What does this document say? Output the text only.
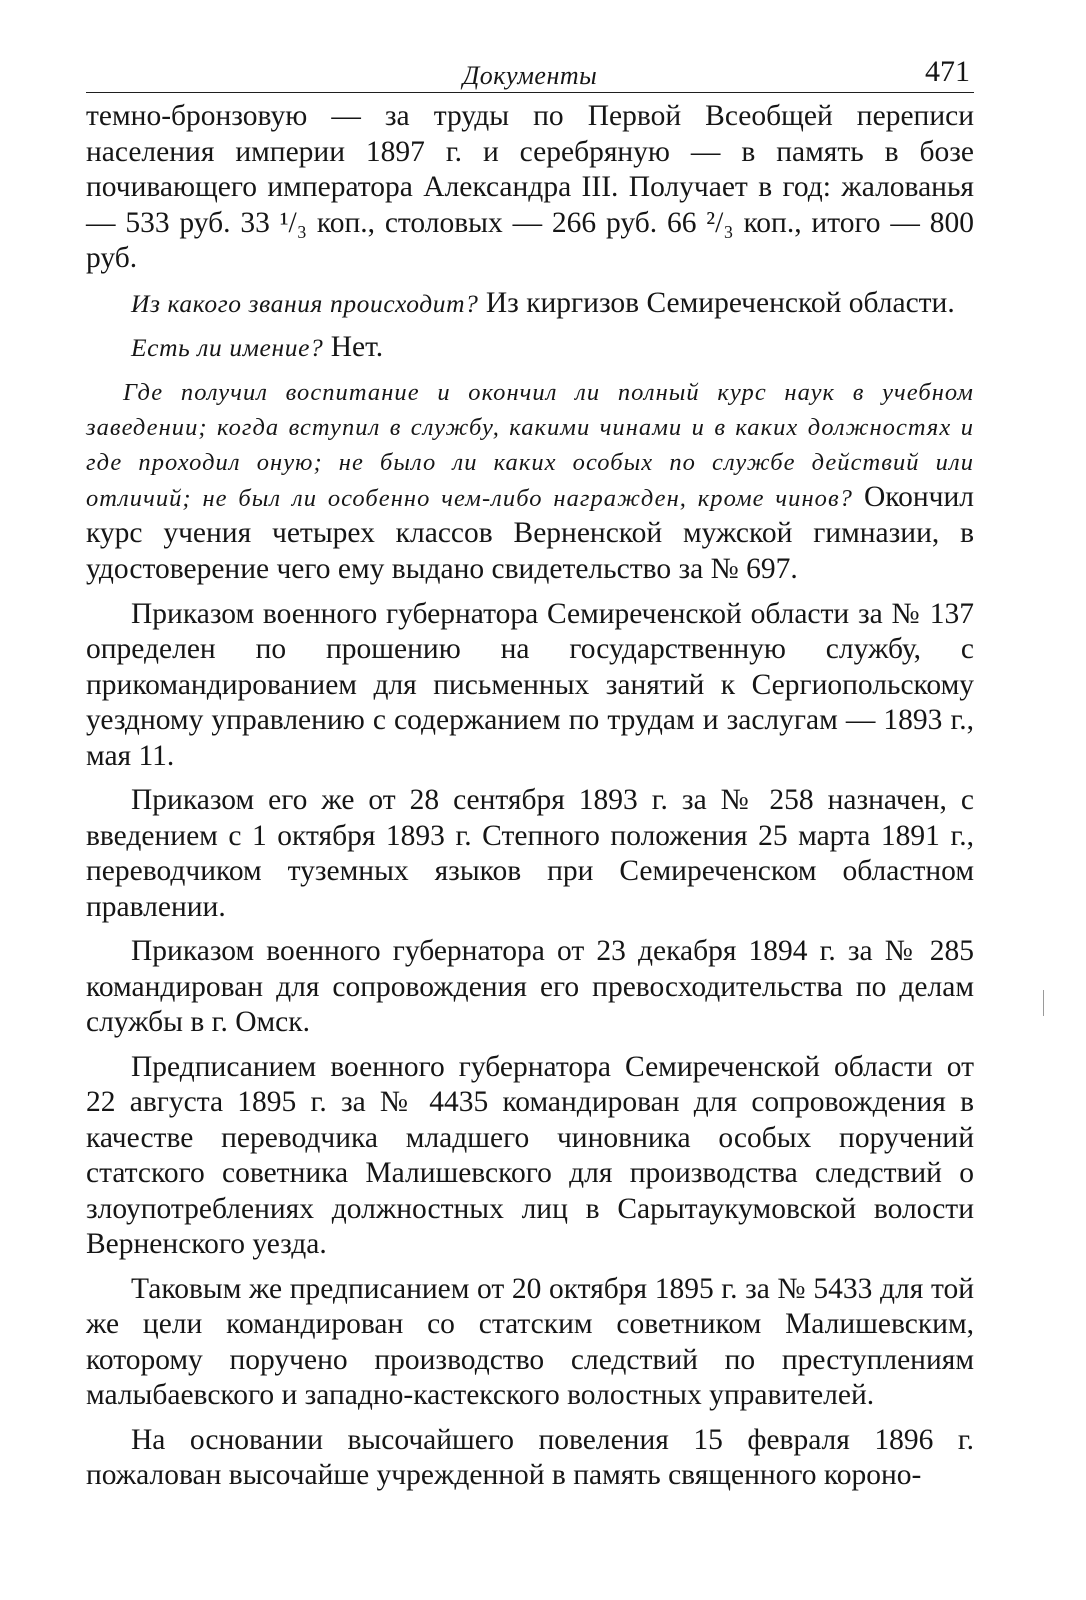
Документы	471

темно-бронзовую — за труды по Первой Всеобщей переписи населения империи 1897 г. и серебряную — в память в бозе почивающего императора Александра III. Получает в год: жалованья — 533 руб. 33 ¹/₃ коп., столовых — 266 руб. 66 ²/₃ коп., итого — 800 руб.

Из какого звания происходит? Из киргизов Семиреченской области.

Есть ли имение? Нет.

Где получил воспитание и окончил ли полный курс наук в учебном заведении; когда вступил в службу, какими чинами и в каких должностях и где проходил оную; не было ли каких особых по службе действий или отличий; не был ли особенно чем-либо награжден, кроме чинов? Окончил курс учения четырех классов Верненской мужской гимназии, в удостоверение чего ему выдано свидетельство за № 697.

Приказом военного губернатора Семиреченской области за № 137 определен по прошению на государственную службу, с прикомандированием для письменных занятий к Сергиопольскому уездному управлению с содержанием по трудам и заслугам — 1893 г., мая 11.

Приказом его же от 28 сентября 1893 г. за № 258 назначен, с введением с 1 октября 1893 г. Степного положения 25 марта 1891 г., переводчиком туземных языков при Семиреченском областном правлении.

Приказом военного губернатора от 23 декабря 1894 г. за № 285 командирован для сопровождения его превосходительства по делам службы в г. Омск.

Предписанием военного губернатора Семиреченской области от 22 августа 1895 г. за № 4435 командирован для сопровождения в качестве переводчика младшего чиновника особых поручений статского советника Малишевского для производства следствий о злоупотреблениях должностных лиц в Сарытаукумовской волости Верненского уезда.

Таковым же предписанием от 20 октября 1895 г. за № 5433 для той же цели командирован со статским советником Малишевским, которому поручено производство следствий по преступлениям малыбаевского и западно-кастекского волостных управителей.

На основании высочайшего повеления 15 февраля 1896 г. пожалован высочайше учрежденной в память священного короно-
